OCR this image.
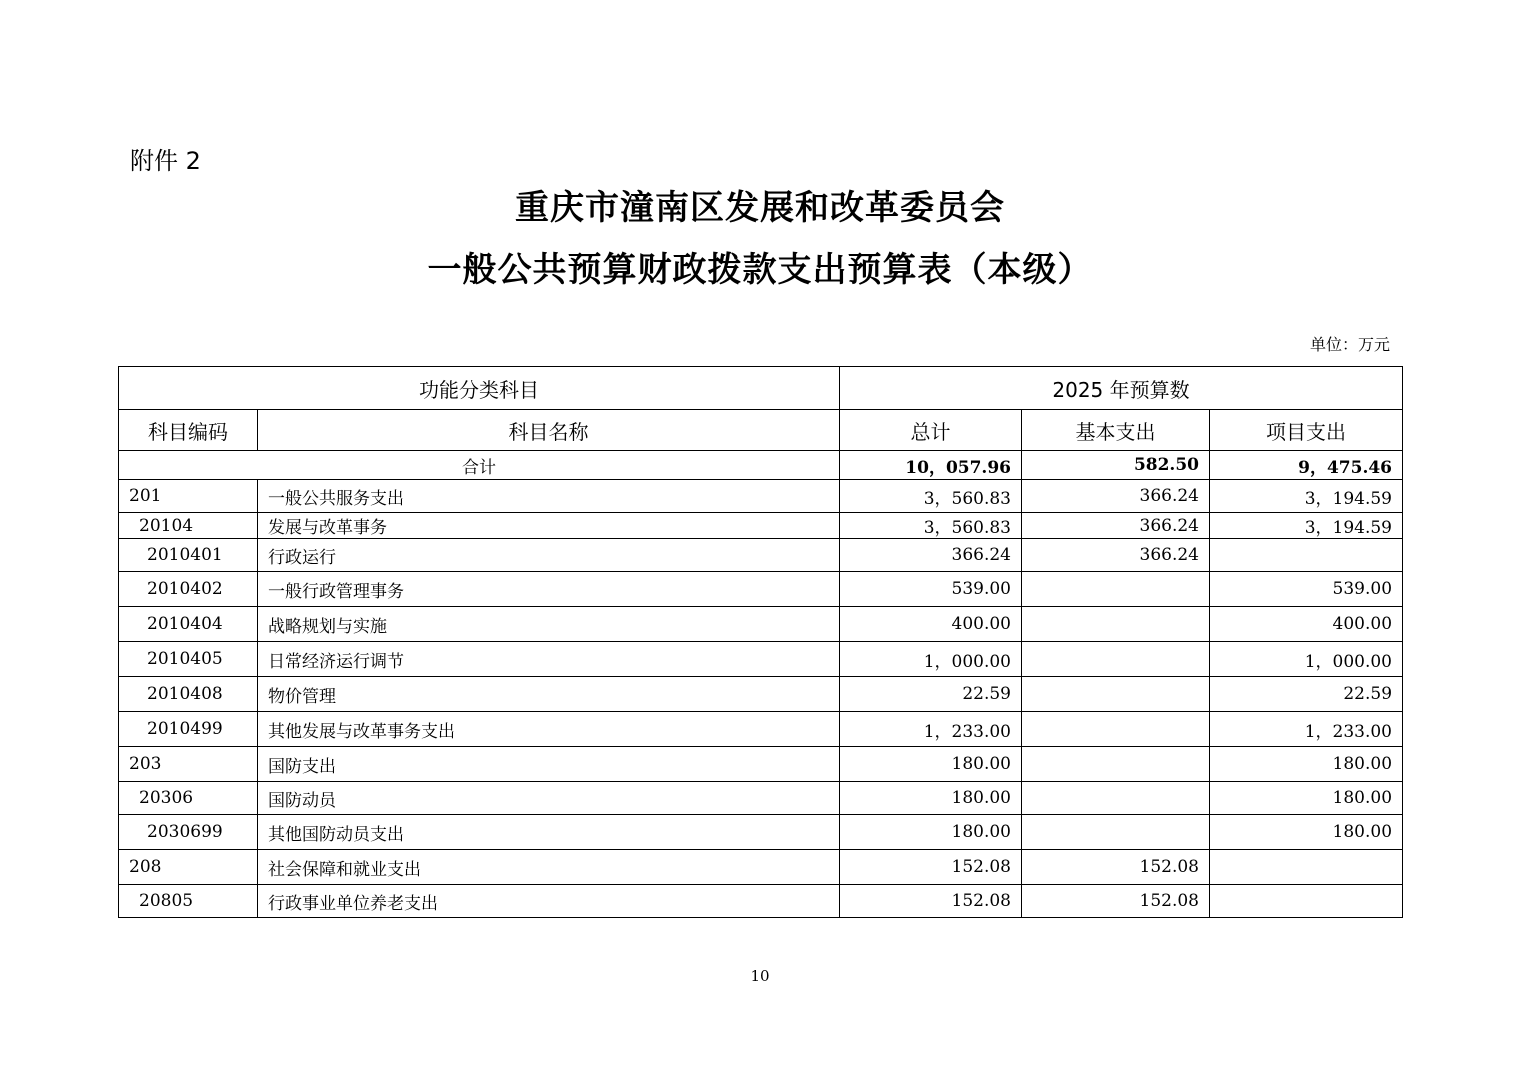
附件 2
重庆市潼南区发展和改革委员会
一般公共预算财政拨款支出预算表（本级）
单位：万元
功能分类科目		2025 年预算数		
科目编码	科目名称	总计	基本支出	项目支出
合计		10，057.96	582.50	9，475.46
201	一般公共服务支出	3，560.83	366.24	3，194.59
20104	发展与改革事务	3，560.83	366.24	3，194.59
2010401	行政运行	366.24	366.24	
2010402	一般行政管理事务	539.00		539.00
2010404	战略规划与实施	400.00		400.00
2010405	日常经济运行调节	1，000.00		1，000.00
2010408	物价管理	22.59		22.59
2010499	其他发展与改革事务支出	1，233.00		1，233.00
203	国防支出	180.00		180.00
20306	国防动员	180.00		180.00
2030699	其他国防动员支出	180.00		180.00
208	社会保障和就业支出	152.08	152.08	
20805	行政事业单位养老支出	152.08	152.08	
10
